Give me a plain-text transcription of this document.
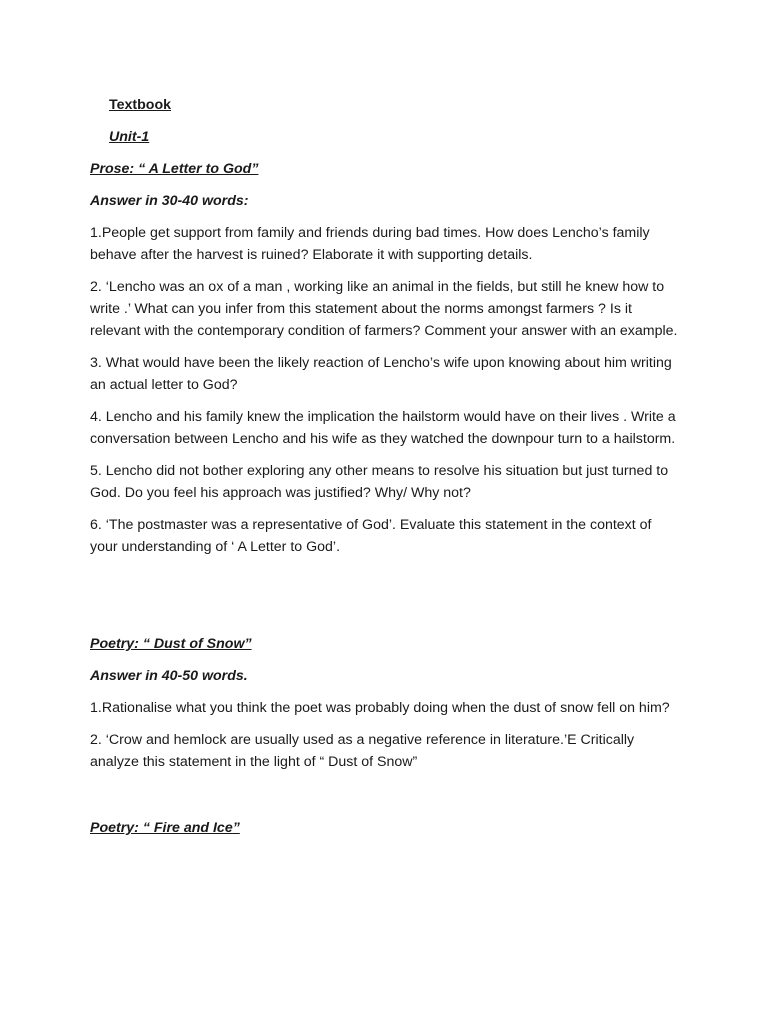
Textbook

Unit-1

Prose: “ A Letter to God”

Answer in 30-40 words:

1.People get support from family and friends during bad times. How does Lencho’s family behave after the harvest is ruined? Elaborate it with supporting details.

2. ‘Lencho was an ox of a man , working like an animal in the fields, but still he knew how to write .’ What can you infer from this statement about the norms amongst farmers ? Is it relevant with the contemporary condition of farmers? Comment your answer with an example.

3. What would have been the likely reaction of Lencho’s wife upon knowing about him writing an actual letter to God?

4. Lencho and his family knew the implication the hailstorm would have on their lives . Write a conversation between Lencho and his wife as they watched the downpour turn to a hailstorm.

5. Lencho did not bother exploring any other means to resolve his situation but just turned to God. Do you feel his approach was justified? Why/ Why not?

6. ‘The postmaster was a representative of God’. Evaluate this statement in the context of your understanding of ‘ A Letter to God’.

Poetry: “ Dust of Snow”

Answer in 40-50 words.

1.Rationalise what you think the poet was probably doing when the dust of snow fell on him?

2. ‘Crow and hemlock are usually used as a negative reference in literature.’E Critically analyze this statement in the light of “ Dust of Snow”

Poetry: “ Fire and Ice”
